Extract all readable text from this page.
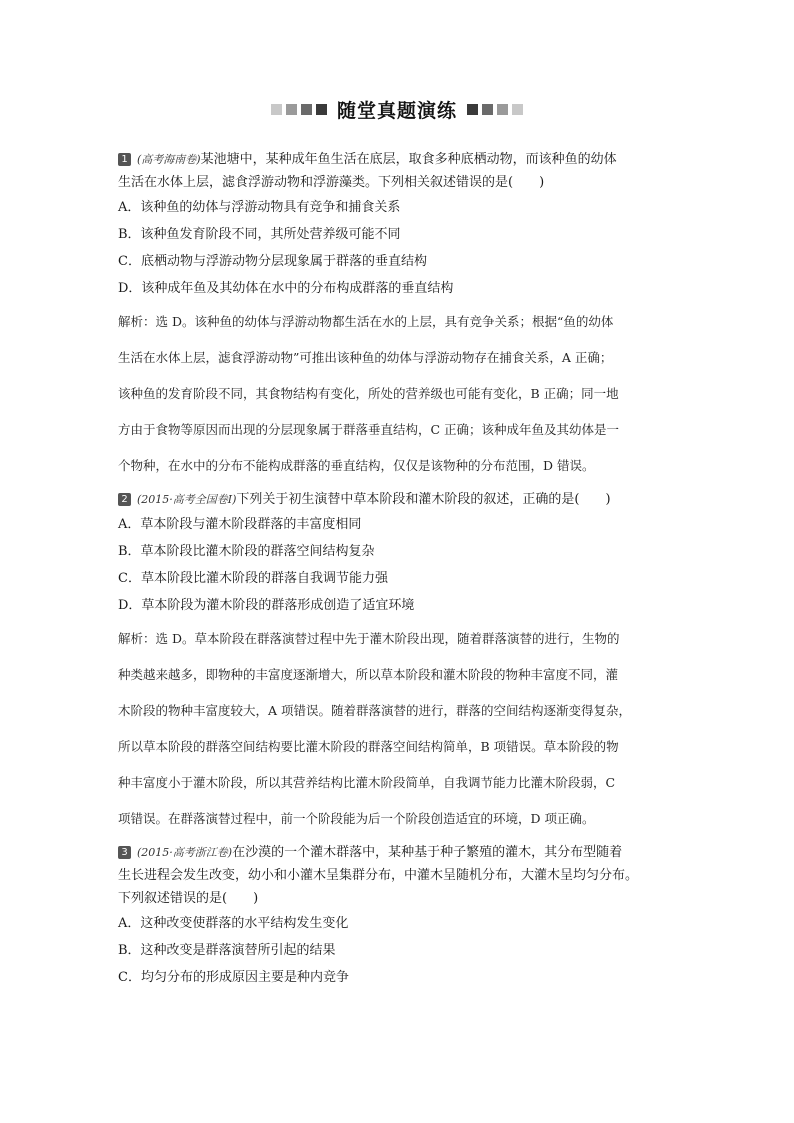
随堂真题演练
1 (高考海南卷)某池塘中，某种成年鱼生活在底层，取食多种底栖动物，而该种鱼的幼体
生活在水体上层，滤食浮游动物和浮游藻类。下列相关叙述错误的是(　　)
A．该种鱼的幼体与浮游动物具有竞争和捕食关系
B．该种鱼发育阶段不同，其所处营养级可能不同
C．底栖动物与浮游动物分层现象属于群落的垂直结构
D．该种成年鱼及其幼体在水中的分布构成群落的垂直结构
解析：选 D。该种鱼的幼体与浮游动物都生活在水的上层，具有竞争关系；根据“鱼的幼体
生活在水体上层，滤食浮游动物”可推出该种鱼的幼体与浮游动物存在捕食关系，A 正确；
该种鱼的发育阶段不同，其食物结构有变化，所处的营养级也可能有变化，B 正确；同一地
方由于食物等原因而出现的分层现象属于群落垂直结构，C 正确；该种成年鱼及其幼体是一
个物种，在水中的分布不能构成群落的垂直结构，仅仅是该物种的分布范围，D 错误。
2 (2015·高考全国卷Ⅰ)下列关于初生演替中草本阶段和灌木阶段的叙述，正确的是(　　)
A．草本阶段与灌木阶段群落的丰富度相同
B．草本阶段比灌木阶段的群落空间结构复杂
C．草本阶段比灌木阶段的群落自我调节能力强
D．草本阶段为灌木阶段的群落形成创造了适宜环境
解析：选 D。草本阶段在群落演替过程中先于灌木阶段出现，随着群落演替的进行，生物的
种类越来越多，即物种的丰富度逐渐增大，所以草本阶段和灌木阶段的物种丰富度不同，灌
木阶段的物种丰富度较大，A 项错误。随着群落演替的进行，群落的空间结构逐渐变得复杂，
所以草本阶段的群落空间结构要比灌木阶段的群落空间结构简单，B 项错误。草本阶段的物
种丰富度小于灌木阶段，所以其营养结构比灌木阶段简单，自我调节能力比灌木阶段弱，C
项错误。在群落演替过程中，前一个阶段能为后一个阶段创造适宜的环境，D 项正确。
3 (2015·高考浙江卷)在沙漠的一个灌木群落中，某种基于种子繁殖的灌木，其分布型随着
生长进程会发生改变，幼小和小灌木呈集群分布，中灌木呈随机分布，大灌木呈均匀分布。
下列叙述错误的是(　　)
A．这种改变使群落的水平结构发生变化
B．这种改变是群落演替所引起的结果
C．均匀分布的形成原因主要是种内竞争
